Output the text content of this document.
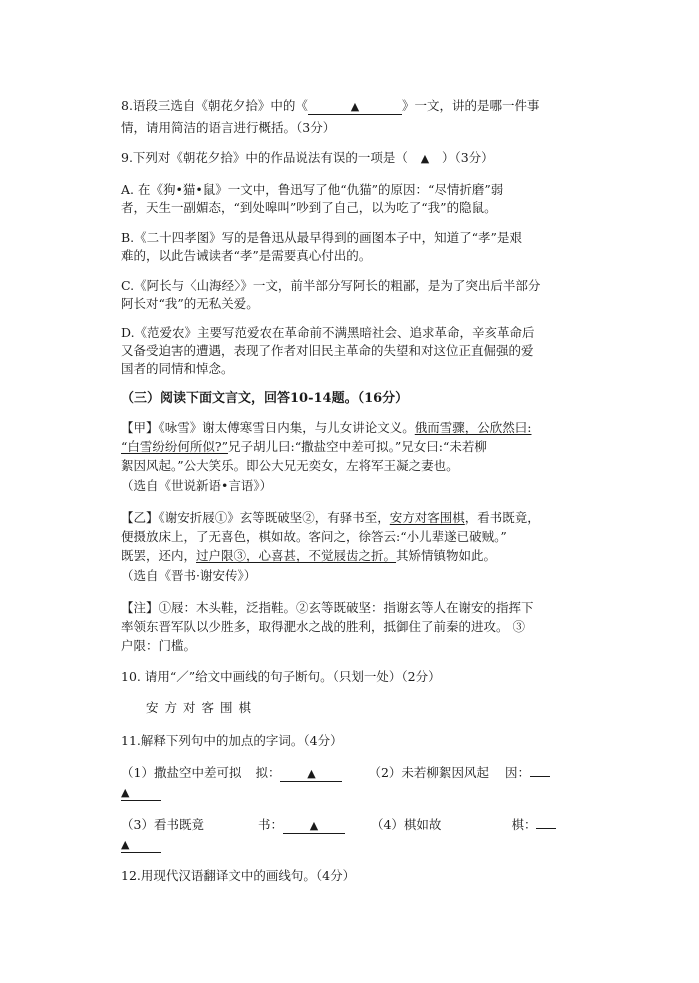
8.语段三选自《朝花夕拾》中的《	▲	》一文，讲的是哪一件事
情，请用简洁的语言进行概括。（3分）
9.下列对《朝花夕拾》中的作品说法有误的一项是（ ▲ ）（3分）
A. 在《狗•猫•鼠》一文中，鲁迅写了他“仇猫”的原因：“尽情折磨”弱
者，天生一副媚态，“到处嗥叫”吵到了自己，以为吃了“我”的隐鼠。
B.《二十四孝图》写的是鲁迅从最早得到的画图本子中，知道了“孝”是艰
难的，以此告诫读者“孝”是需要真心付出的。
C.《阿长与〈山海经〉》一文，前半部分写阿长的粗鄙，是为了突出后半部分
阿长对“我”的无私关爱。
D.《范爱农》主要写范爱农在革命前不满黑暗社会、追求革命，辛亥革命后
又备受迫害的遭遇，表现了作者对旧民主革命的失望和对这位正直倔强的爱
国者的同情和悼念。
（三）阅读下面文言文，回答10-14题。（16分）
【甲】《咏雪》谢太傅寒雪日内集，与儿女讲论文义。俄而雪骤，公欣然曰:
“白雪纷纷何所似?”兄子胡儿曰:“撒盐空中差可拟。”兄女曰:“未若柳
絮因风起。”公大笑乐。即公大兄无奕女，左将军王凝之妻也。
（选自《世说新语•言语》）
【乙】《谢安折屐①》玄等既破坚②，有驿书至，安方对客围棋，看书既竟，
便摄放床上，了无喜色，棋如故。客问之，徐答云:“小儿辈遂已破贼。”
既罢，还内，过户限③，心喜甚，不觉屐齿之折。其矫情镇物如此。
（选自《晋书·谢安传》）
【注】①屐：木头鞋，泛指鞋。②玄等既破坚：指谢玄等人在谢安的指挥下
率领东晋军队以少胜多，取得淝水之战的胜利，抵御住了前秦的进攻。 ③
户限：门槛。
10. 请用“／”给文中画线的句子断句。（只划一处）（2分）
安方对客围棋
11.解释下列句中的加点的字词。（4分）
（1）撒盐空中差可拟 拟： ▲	（2）未若柳絮因风起 因：
▲
（3）看书既竟	书： ▲	（4）棋如故	棋：
▲
12.用现代汉语翻译文中的画线句。（4分）
